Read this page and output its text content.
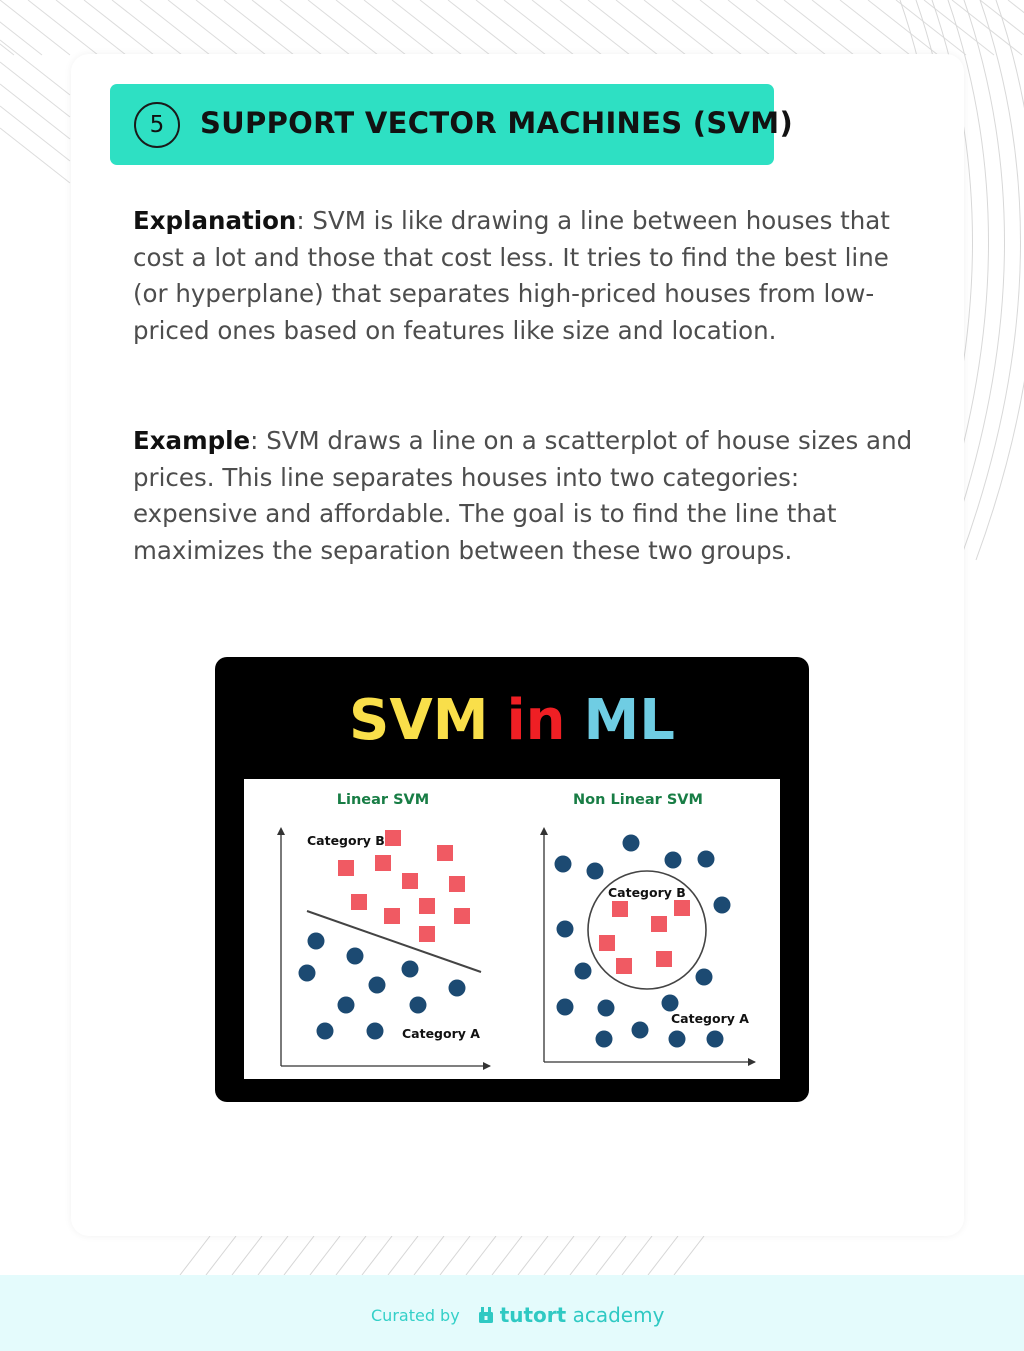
5	SUPPORT VECTOR MACHINES (SVM)

Explanation: SVM is like drawing a line between houses that cost a lot and those that cost less. It tries to find the best line (or hyperplane) that separates high-priced houses from low-priced ones based on features like size and location.

Example: SVM draws a line on a scatterplot of house sizes and prices. This line separates houses into two categories: expensive and affordable. The goal is to find the line that maximizes the separation between these two groups.

SVM in ML
Linear SVM
Category B
Category A
Non Linear SVM
Category B
Category A
Curated by tutort academy
